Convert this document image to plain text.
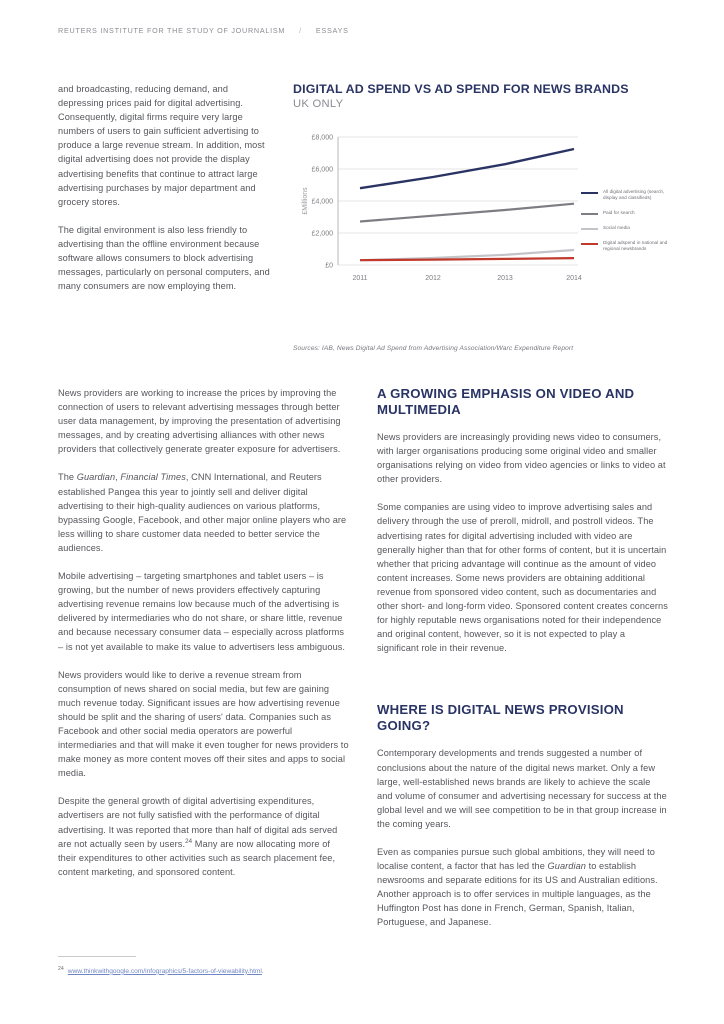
REUTERS INSTITUTE FOR THE STUDY OF JOURNALISM / ESSAYS

and broadcasting, reducing demand, and depressing prices paid for digital advertising. Consequently, digital firms require very large numbers of users to gain sufficient advertising to produce a large revenue stream. In addition, most digital advertising does not provide the display advertising benefits that continue to attract large advertising purchases by major department and grocery stores.

The digital environment is also less friendly to advertising than the offline environment because software allows consumers to block advertising messages, particularly on personal computers, and many consumers are now employing them.

DIGITAL AD SPEND VS AD SPEND FOR NEWS BRANDS

UK ONLY

£8,000
£6,000
£4,000
£2,000
£0
£Millions
2011	2012	2013	2014
All digital advertising (search, display and classifieds)
Paid for search
Social media
Digital adspend in national and regional newsbrands
Sources: IAB, News Digital Ad Spend from Advertising Association/Warc Expenditure Report

News providers are working to increase the prices by improving the connection of users to relevant advertising messages through better user data management, by improving the presentation of advertising messages, and by creating advertising alliances with other news providers that collectively generate greater exposure for advertisers.

The Guardian, Financial Times, CNN International, and Reuters established Pangea this year to jointly sell and deliver digital advertising to their high-quality audiences on various platforms, bypassing Google, Facebook, and other major online players who are less willing to share customer data needed to better service the audiences.

Mobile advertising – targeting smartphones and tablet users – is growing, but the number of news providers effectively capturing advertising revenue remains low because much of the advertising is delivered by intermediaries who do not share, or share little, revenue and because necessary consumer data – especially across platforms – is not yet available to make its value to advertisers less ambiguous.

News providers would like to derive a revenue stream from consumption of news shared on social media, but few are gaining much revenue today. Significant issues are how advertising revenue should be split and the sharing of users' data. Companies such as Facebook and other social media operators are powerful intermediaries and that will make it even tougher for news providers to make money as more content moves off their sites and apps to social media.

Despite the general growth of digital advertising expenditures, advertisers are not fully satisfied with the performance of digital advertising. It was reported that more than half of digital ads served are not actually seen by users.$^{24}$ Many are now allocating more of their expenditures to other activities such as search placement fee, content marketing, and sponsored content.

A GROWING EMPHASIS ON VIDEO AND MULTIMEDIA

News providers are increasingly providing news video to consumers, with larger organisations producing some original video and smaller organisations relying on video from video agencies or links to video at other providers.

Some companies are using video to improve advertising sales and delivery through the use of preroll, midroll, and postroll videos. The advertising rates for digital advertising included with video are generally higher than that for other forms of content, but it is uncertain whether that pricing advantage will continue as the amount of video content increases. Some news providers are obtaining additional revenue from sponsored video content, such as documentaries and other short- and long-form video. Sponsored content creates concerns for highly reputable news organisations noted for their independence and original content, however, so it is not expected to play a significant role in their revenue.

WHERE IS DIGITAL NEWS PROVISION GOING?

Contemporary developments and trends suggested a number of conclusions about the nature of the digital news market. Only a few large, well-established news brands are likely to achieve the scale and volume of consumer and advertising necessary for success at the global level and we will see competition to be in that group increase in the coming years.

Even as companies pursue such global ambitions, they will need to localise content, a factor that has led the Guardian to establish newsrooms and separate editions for its US and Australian editions. Another approach is to offer services in multiple languages, as the Huffington Post has done in French, German, Spanish, Italian, Portuguese, and Japanese.

$^{24}$ www.thinkwithgoogle.com/infographics/5-factors-of-viewability.html.
